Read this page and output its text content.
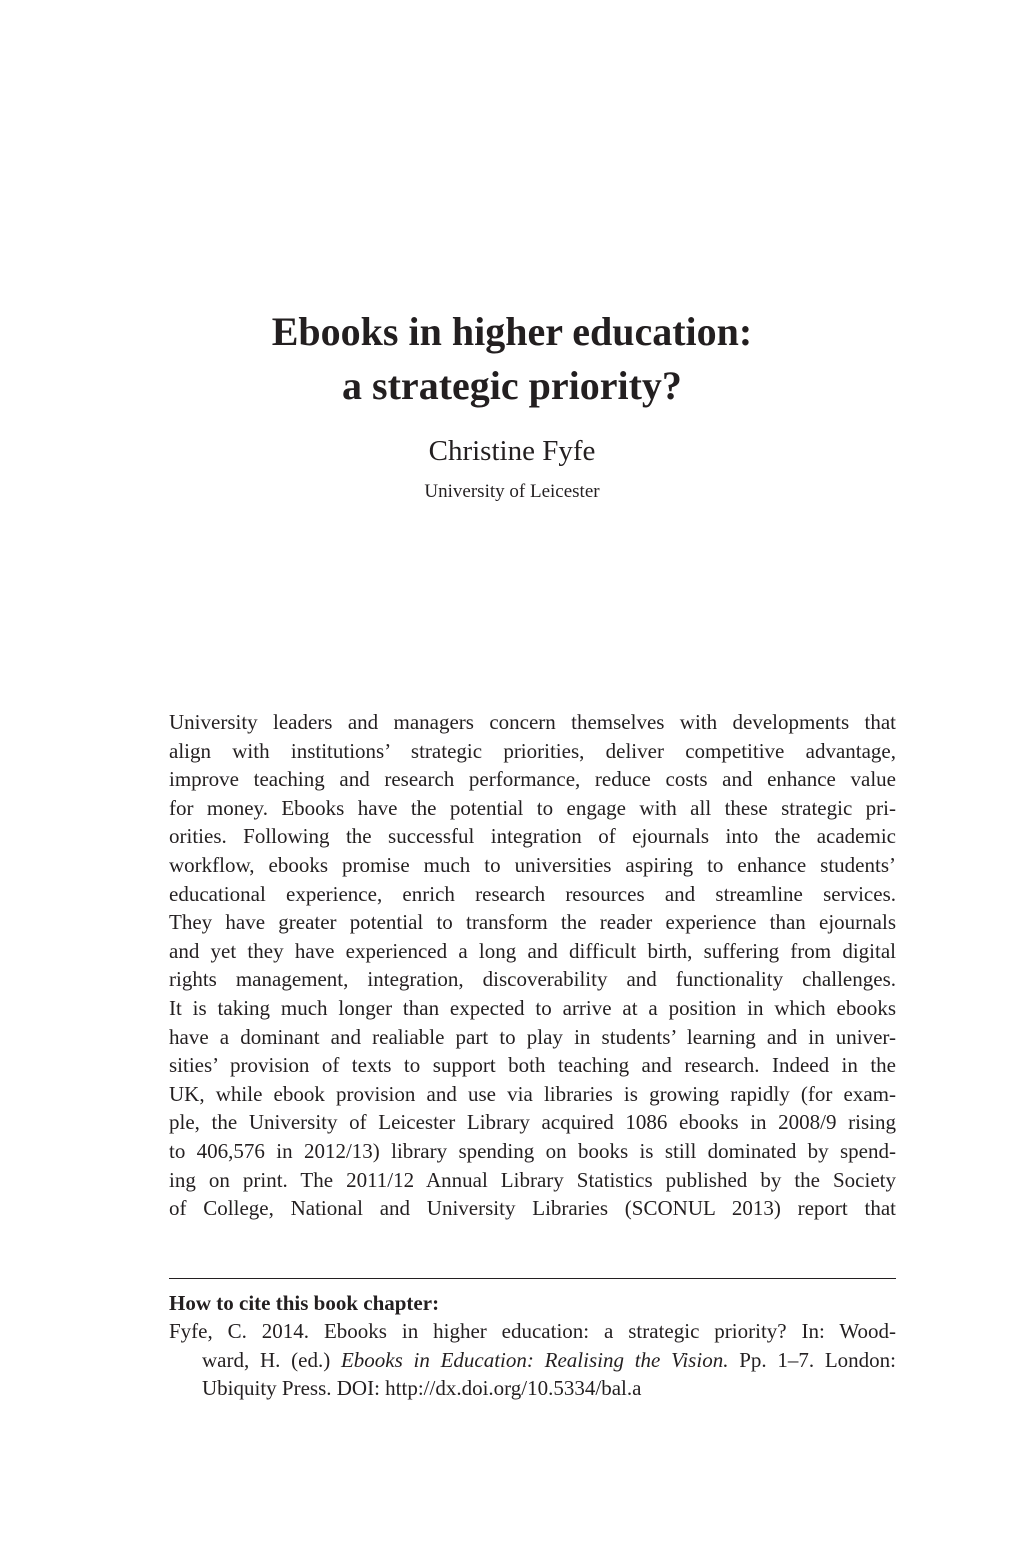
Ebooks in higher education:
a strategic priority?
Christine Fyfe
University of Leicester
University leaders and managers concern themselves with developments that
align with institutions’ strategic priorities, deliver competitive advantage,
improve teaching and research performance, reduce costs and enhance value
for money. Ebooks have the potential to engage with all these strategic pri-
orities. Following the successful integration of ejournals into the academic
workflow, ebooks promise much to universities aspiring to enhance students’
educational experience, enrich research resources and streamline services.
They have greater potential to transform the reader experience than ejournals
and yet they have experienced a long and difficult birth, suffering from digital
rights management, integration, discoverability and functionality challenges.
It is taking much longer than expected to arrive at a position in which ebooks
have a dominant and realiable part to play in students’ learning and in univer-
sities’ provision of texts to support both teaching and research. Indeed in the
UK, while ebook provision and use via libraries is growing rapidly (for exam-
ple, the University of Leicester Library acquired 1086 ebooks in 2008/9 rising
to 406,576 in 2012/13) library spending on books is still dominated by spend-
ing on print. The 2011/12 Annual Library Statistics published by the Society
of College, National and University Libraries (SCONUL 2013) report that
How to cite this book chapter:
Fyfe, C. 2014. Ebooks in higher education: a strategic priority? In: Wood-
ward, H. (ed.) Ebooks in Education: Realising the Vision. Pp. 1–7. London:
Ubiquity Press. DOI: http://dx.doi.org/10.5334/bal.a
